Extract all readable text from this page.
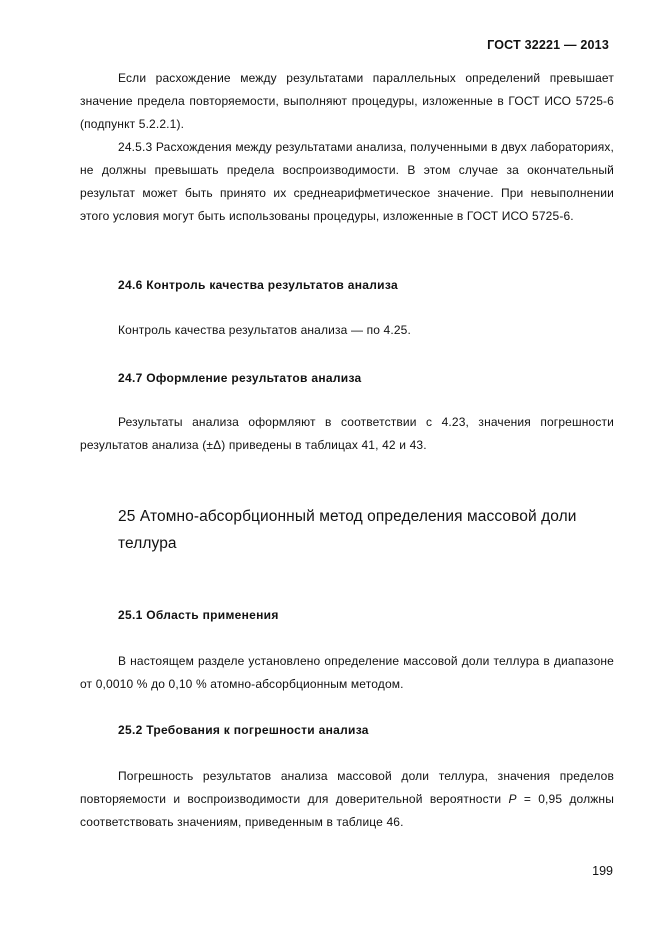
ГОСТ 32221 — 2013

Если расхождение между результатами параллельных определений превышает значение предела повторяемости, выполняют процедуры, изложенные в ГОСТ ИСО 5725-6 (подпункт 5.2.2.1).

24.5.3 Расхождения между результатами анализа, полученными в двух лабораториях, не должны превышать предела воспроизводимости. В этом случае за окончательный результат может быть принято их среднеарифметическое значение. При невыполнении этого условия могут быть использованы процедуры, изложенные в ГОСТ ИСО 5725-6.

24.6 Контроль качества результатов анализа

Контроль качества результатов анализа — по 4.25.

24.7 Оформление результатов анализа

Результаты анализа оформляют в соответствии с 4.23, значения погрешности результатов анализа (±Δ) приведены в таблицах 41, 42 и 43.

25 Атомно-абсорбционный метод определения массовой доли теллура
25.1 Область применения

В настоящем разделе установлено определение массовой доли теллура в диапазоне от 0,0010 % до 0,10 % атомно-абсорбционным методом.

25.2 Требования к погрешности анализа

Погрешность результатов анализа массовой доли теллура, значения пределов повторяемости и воспроизводимости для доверительной вероятности P = 0,95 должны соответствовать значениям, приведенным в таблице 46.

199
